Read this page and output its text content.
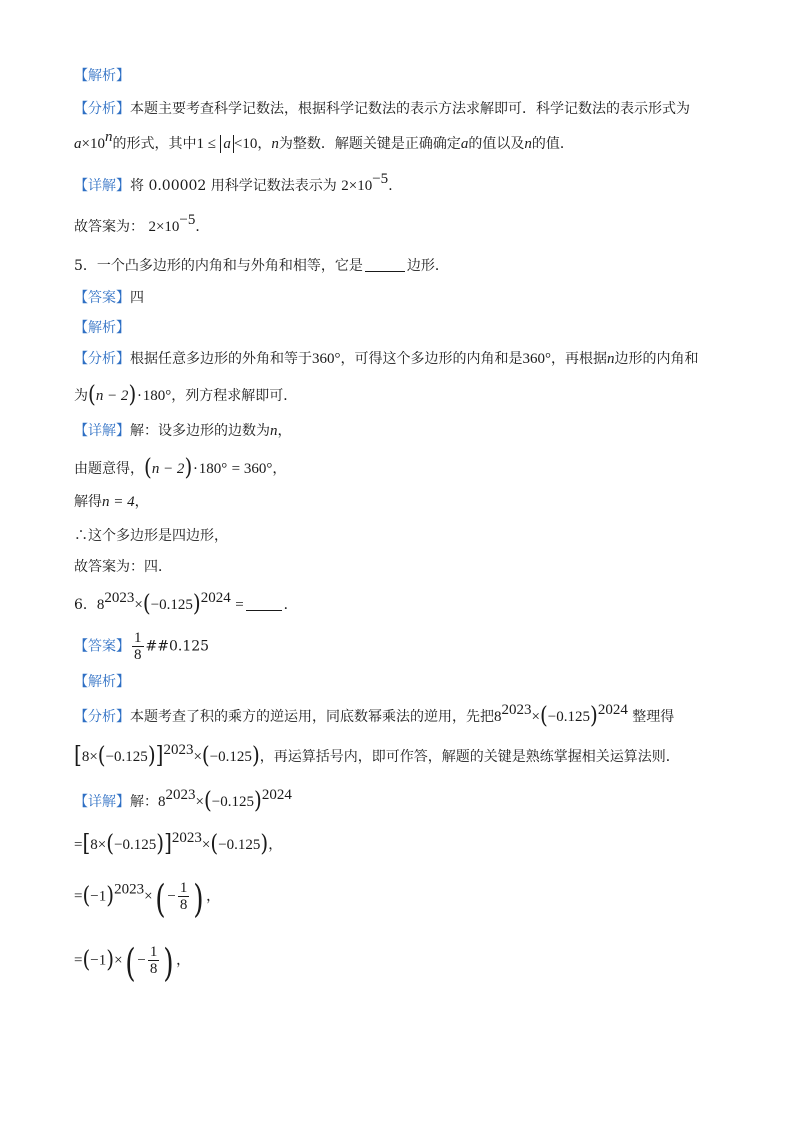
【解析】
【分析】本题主要考查科学记数法，根据科学记数法的表示方法求解即可．科学记数法的表示形式为
$a\times 10^n$的形式，其中1 ≤ a <10，n为整数．解题关键是正确确定a的值以及n的值．
【详解】将 0.00002 用科学记数法表示为 $2\times 10^{-5}$．
故答案为： $2\times 10^{-5}$．
5．一个凸多边形的内角和与外角和相等，它是	边形．
【答案】四
【解析】
【分析】根据任意多边形的外角和等于360°，可得这个多边形的内角和是360°，再根据n边形的内角和
为(n − 2)·180°，列方程求解即可．
【详解】解：设多边形的边数为n，
由题意得，(n − 2)·180° = 360°，
解得n = 4，
∴这个多边形是四边形，
故答案为：四．
6．$8^{2023}\times(-0.125)^{2024}$ =	．
【答案】 $\frac{1}{8}$ ##0.125
【解析】
【分析】本题考查了积的乘方的逆运用，同底数幂乘法的逆用，先把$8^{2023}\times(-0.125)^{2024}$ 整理得
$[8\times(-0.125)]^{2023}\times(-0.125)$，再运算括号内，即可作答，解题的关键是熟练掌握相关运算法则．
【详解】解：$8^{2023}\times(-0.125)^{2024}$
$=[8\times(-0.125)]^{2023}\times(-0.125)$，
$=(-1)^{2023}\times( - \frac{1}{8}$ ) ，
$=(-1)\times( - \frac{1}{8}$ ) ，
